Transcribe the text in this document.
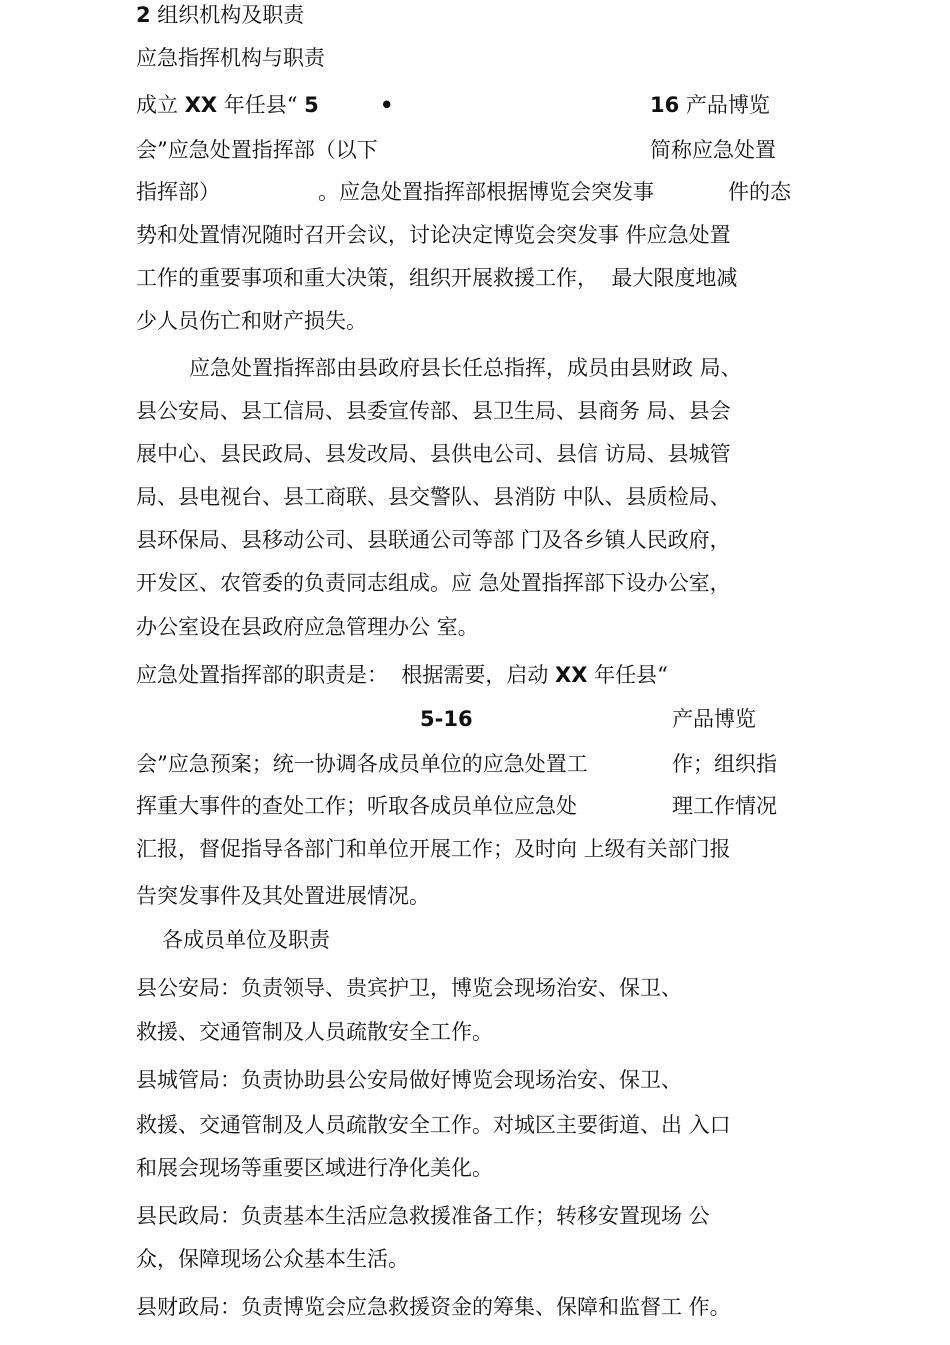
2 组织机构及职责
应急指挥机构与职责
成立 XX 年任县“ 5	•	16 产品博览
会”应急处置指挥部（以下	简称应急处置
指挥部）	。应急处置指挥部根据博览会突发事	件的态
势和处置情况随时召开会议，讨论决定博览会突发事 件应急处置
工作的重要事项和重大决策，组织开展救援工作，  最大限度地减
少人员伤亡和财产损失。
应急处置指挥部由县政府县长任总指挥，成员由县财政 局、
县公安局、县工信局、县委宣传部、县卫生局、县商务 局、县会
展中心、县民政局、县发改局、县供电公司、县信 访局、县城管
局、县电视台、县工商联、县交警队、县消防 中队、县质检局、
县环保局、县移动公司、县联通公司等部 门及各乡镇人民政府，
开发区、农管委的负责同志组成。应 急处置指挥部下设办公室，
办公室设在县政府应急管理办公 室。
应急处置指挥部的职责是：  根据需要，启动 XX 年任县“
5-16	产品博览
会”应急预案；统一协调各成员单位的应急处置工	作；组织指
挥重大事件的查处工作；听取各成员单位应急处	理工作情况
汇报，督促指导各部门和单位开展工作；及时向 上级有关部门报
告突发事件及其处置进展情况。
各成员单位及职责
县公安局：负责领导、贵宾护卫，博览会现场治安、保卫、
救援、交通管制及人员疏散安全工作。
县城管局：负责协助县公安局做好博览会现场治安、保卫、
救援、交通管制及人员疏散安全工作。对城区主要街道、出 入口
和展会现场等重要区域进行净化美化。
县民政局：负责基本生活应急救援准备工作；转移安置现场 公
众，保障现场公众基本生活。
县财政局：负责博览会应急救援资金的筹集、保障和监督工 作。
